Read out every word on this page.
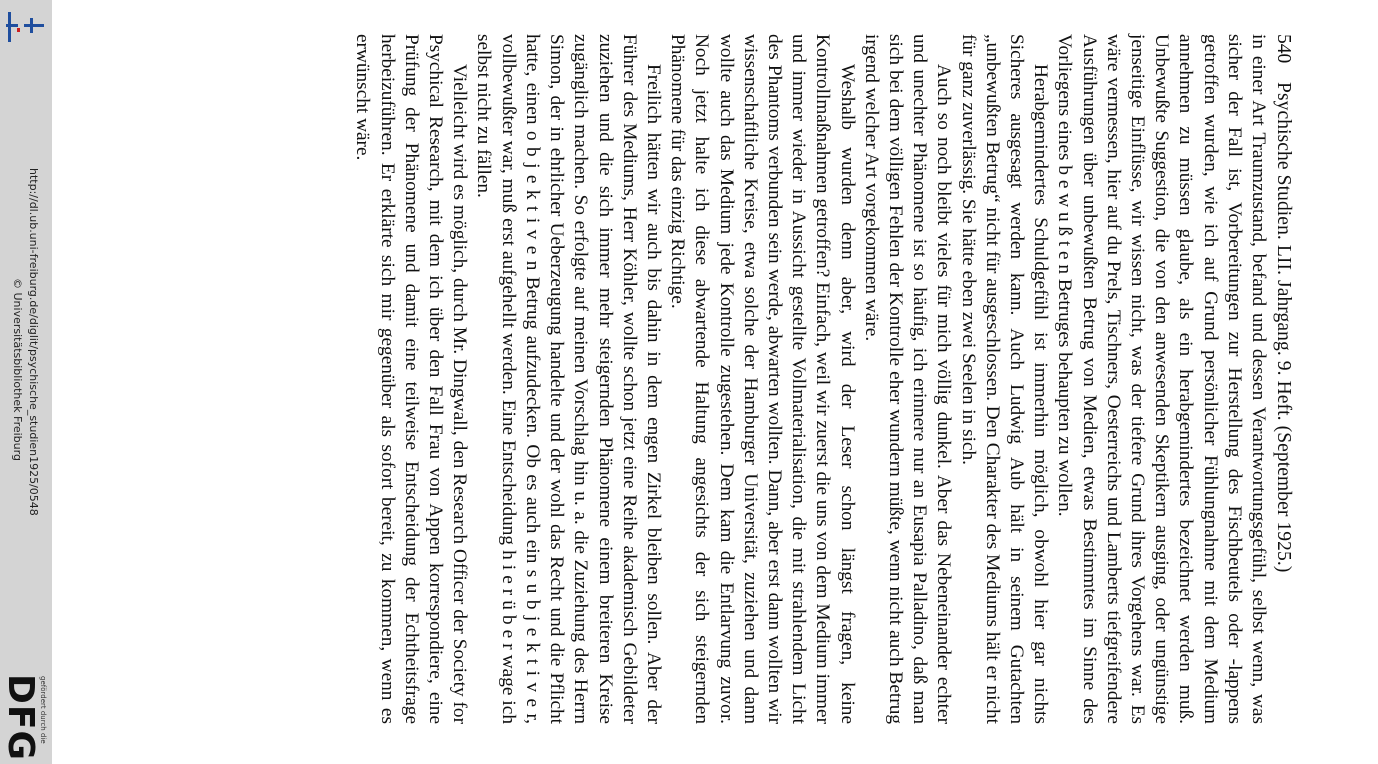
http://dl.ub.uni-freiburg.de/diglit/psychische_studien1925/0548
© Universitätsbibliothek Freiburg
gefördert durch die
DFG
540
Psychische Studien. LII. Jahrgang. 9. Heft. (September 1925.)

in einer Art Traumzustand, befand und dessen Verantwortungsgefühl, selbst wenn, was sicher der Fall ist, Vorbereitungen zur Herstellung des Fischbeutels oder -lappens getroffen wurden, wie ich auf Grund persönlicher Fühlungnahme mit dem Medium annehmen zu müssen glaube, als ein herabgemindertes bezeichnet werden muß. Unbewußte Suggestion, die von den anwesenden Skeptikern ausging, oder ungünstige jenseitige Einflüsse, wir wissen nicht, was der tiefere Grund ihres Vorgehens war. Es wäre vermessen, hier auf du Prels, Tischners, Oesterreichs und Lamberts tiefgreifendere Ausführungen über unbewußten Betrug von Medien, etwas Bestimmtes im Sinne des Vorliegens eines b e w u ß t e n Betruges behaupten zu wollen.

Herabgemindertes Schuldgefühl ist immerhin möglich, obwohl hier gar nichts Sicheres ausgesagt werden kann. Auch Ludwig Aub hält in seinem Gutachten „unbewußten Betrug“ nicht für ausgeschlossen. Den Charakter des Mediums hält er nicht für ganz zuverlässig. Sie hätte eben zwei Seelen in sich.

Auch so noch bleibt vieles für mich völlig dunkel. Aber das Nebeneinander echter und unechter Phänomene ist so häufig, ich erinnere nur an Eusapia Palladino, daß man sich bei dem völligen Fehlen der Kontrolle eher wundern müßte, wenn nicht auch Betrug irgend welcher Art vorgekommen wäre.

Weshalb wurden denn aber, wird der Leser schon längst fragen, keine Kontrollmaßnahmen getroffen? Einfach, weil wir zuerst die uns von dem Medium immer und immer wieder in Aussicht gestellte Vollmaterialisation, die mit strahlendem Licht des Phantoms verbunden sein werde, abwarten wollten. Dann, aber erst dann wollten wir wissenschaftliche Kreise, etwa solche der Hamburger Universität, zuziehen und dann wollte auch das Medium jede Kontrolle zugestehen. Dem kam die Entlarvung zuvor. Noch jetzt halte ich diese abwartende Haltung angesichts der sich steigernden Phänomene für das einzig Richtige.

Freilich hätten wir auch bis dahin in dem engen Zirkel bleiben sollen. Aber der Führer des Mediums, Herr Köhler, wollte schon jetzt eine Reihe akademisch Gebildeter zuziehen und die sich immer mehr steigernden Phänomene einem breiteren Kreise zugänglich machen. So erfolgte auf meinen Vorschlag hin u. a. die Zuziehung des Herrn Simon, der in ehrlicher Ueberzeugung handelte und der wohl das Recht und die Pflicht hatte, einen o b j e k t i v e n Betrug aufzudecken. Ob es auch ein s u b j e k t i v e r, vollbewußter war, muß erst aufgehellt werden. Eine Entscheidung h i e r ü b e r wage ich selbst nicht zu fällen.

Vielleicht wird es möglich, durch Mr. Dingwall, den Research Officer der Society for Psychical Research, mit dem ich über den Fall Frau von Appen korrespondiere, eine Prüfung der Phänomene und damit eine teilweise Entscheidung der Echtheitsfrage herbeizuführen. Er erklärte sich mir gegenüber als sofort bereit, zu kommen, wenn es erwünscht wäre.
